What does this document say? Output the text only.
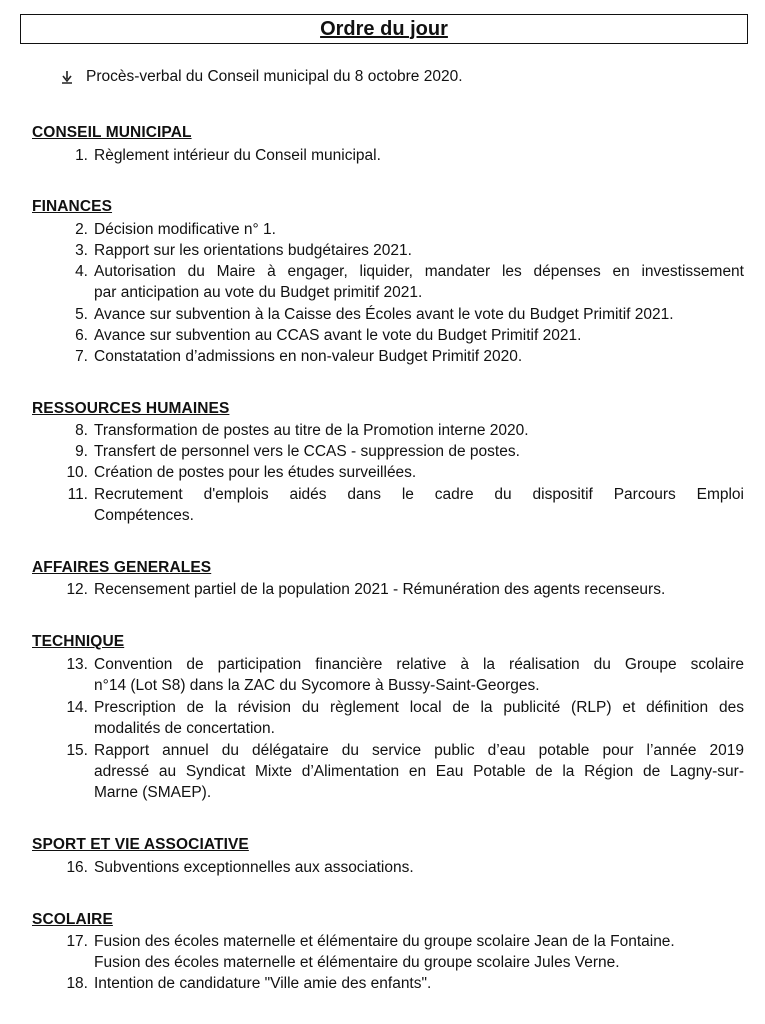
Ordre du jour
Procès-verbal du Conseil municipal du 8 octobre 2020.
CONSEIL MUNICIPAL
1. Règlement intérieur du Conseil municipal.
FINANCES
2. Décision modificative n° 1.
3. Rapport sur les orientations budgétaires 2021.
4. Autorisation du Maire à engager, liquider, mandater les dépenses en investissement
par anticipation au vote du Budget primitif 2021.
5. Avance sur subvention à la Caisse des Écoles avant le vote du Budget Primitif 2021.
6. Avance sur subvention au CCAS avant le vote du Budget Primitif 2021.
7. Constatation d’admissions en non-valeur Budget Primitif 2020.
RESSOURCES HUMAINES
8. Transformation de postes au titre de la Promotion interne 2020.
9. Transfert de personnel vers le CCAS - suppression de postes.
10. Création de postes pour les études surveillées.
11. Recrutement d'emplois aidés dans le cadre du dispositif Parcours Emploi
Compétences.
AFFAIRES GENERALES
12. Recensement partiel de la population 2021 - Rémunération des agents recenseurs.
TECHNIQUE
13. Convention de participation financière relative à la réalisation du Groupe scolaire
n°14 (Lot S8) dans la ZAC du Sycomore à Bussy-Saint-Georges.
14. Prescription de la révision du règlement local de la publicité (RLP) et définition des
modalités de concertation.
15. Rapport annuel du délégataire du service public d’eau potable pour l’année 2019
adressé au Syndicat Mixte d’Alimentation en Eau Potable de la Région de Lagny-sur-
Marne (SMAEP).
SPORT ET VIE ASSOCIATIVE
16. Subventions exceptionnelles aux associations.
SCOLAIRE
17. Fusion des écoles maternelle et élémentaire du groupe scolaire Jean de la Fontaine.
Fusion des écoles maternelle et élémentaire du groupe scolaire Jules Verne.
18. Intention de candidature "Ville amie des enfants".
